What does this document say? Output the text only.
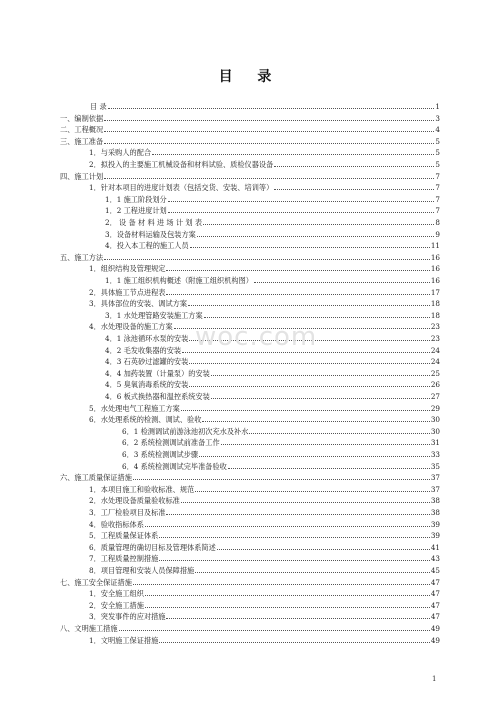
目 录
目 录	1
一、编制依据	3
二、工程概况	4
三、施工准备	5
1．与采购人的配合	5
2．拟投入的主要施工机械设备和材料试验、质检仪器设备	5
四、施工计划	7
1．针对本项目的进度计划表（包括交货、安装、培训等）	7
1．1 施工阶段划分	7
1．2 工程进度计划	7
2． 设 备 材 料 进 场 计 划 表	8
3．设备材料运输及包装方案	9
4．投入本工程的施工人员	11
五、施工方法	16
1．组织结构及管理规定	16
1．1 施工组织机构概述（附施工组织机构图）	16
2．具体施工节点进程表	17
3．具体部位的安装、调试方案	18
3．1 水处理管路安装施工方案	18
4．水处理设备的施工方案	23
4．1 泳池循环水泵的安装	23
4．2 毛发收集器的安装	24
4．3 石英砂过滤罐的安装	24
4．4 加药装置（计量泵）的安装	25
4．5 臭氧消毒系统的安装	26
4．6 板式换热器和温控系统安装	27
5．水处理电气工程施工方案	29
6．水处理系统的检测、调试、验收	30
6．1 检测调试前游泳池初次充水及补水	30
6．2 系统检测调试前准备工作	31
6．3 系统检测调试步骤	33
6．4 系统检测调试完毕准备验收	35
六、施工质量保证措施	37
1．本项目施工和验收标准、规范	37
2．水处理设备质量验收标准	38
3．工厂检验项目及标准	38
4．验收指标体系	39
5．工程质量保证体系	39
6．质量管理的确切目标及管理体系简述	41
7．工程质量控制措施	43
8．项目管理和安装人员保障措施	45
七、施工安全保证措施	47
1．安全施工组织	47
2．安全施工措施	47
3．突发事件的应对措施	47
八、文明施工措施	49
1．文明施工保证措施	49
woc.com
1
